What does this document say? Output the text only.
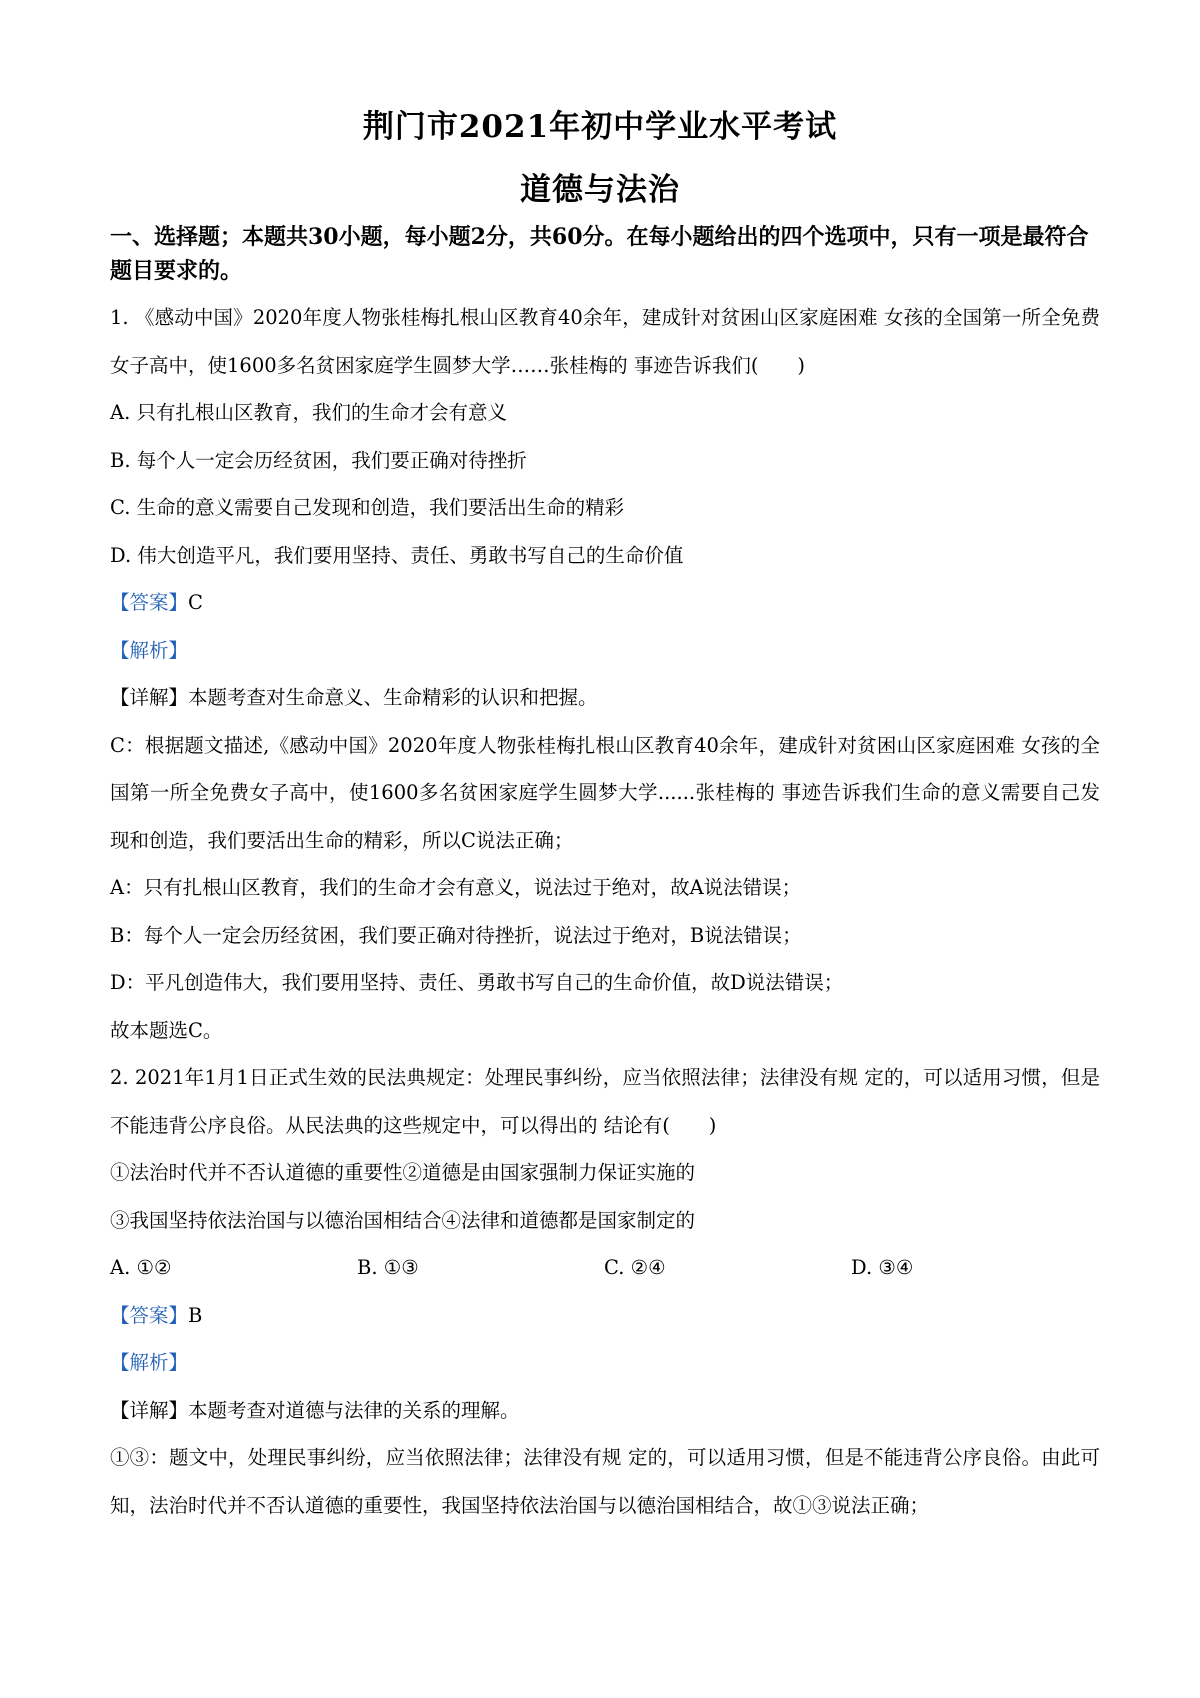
荆门市2021年初中学业水平考试
道德与法治
一、选择题；本题共30小题，每小题2分，共60分。在每小题给出的四个选项中，只有一项是最符合题目要求的。

1. 《感动中国》2020年度人物张桂梅扎根山区教育40余年，建成针对贫困山区家庭困难 女孩的全国第一所全免费女子高中，使1600多名贫困家庭学生圆梦大学……张桂梅的 事迹告诉我们(　　)

A. 只有扎根山区教育，我们的生命才会有意义

B. 每个人一定会历经贫困，我们要正确对待挫折

C. 生命的意义需要自己发现和创造，我们要活出生命的精彩

D. 伟大创造平凡，我们要用坚持、责任、勇敢书写自己的生命价值

【答案】C

【解析】

【详解】本题考查对生命意义、生命精彩的认识和把握。

C：根据题文描述,《感动中国》2020年度人物张桂梅扎根山区教育40余年，建成针对贫困山区家庭困难 女孩的全国第一所全免费女子高中，使1600多名贫困家庭学生圆梦大学......张桂梅的 事迹告诉我们生命的意义需要自己发现和创造，我们要活出生命的精彩，所以C说法正确；

A：只有扎根山区教育，我们的生命才会有意义，说法过于绝对，故A说法错误；

B：每个人一定会历经贫困，我们要正确对待挫折，说法过于绝对，B说法错误；

D：平凡创造伟大，我们要用坚持、责任、勇敢书写自己的生命价值，故D说法错误；

故本题选C。

2. 2021年1月1日正式生效的民法典规定：处理民事纠纷，应当依照法律；法律没有规 定的，可以适用习惯，但是不能违背公序良俗。从民法典的这些规定中，可以得出的 结论有(　　)

①法治时代并不否认道德的重要性②道德是由国家强制力保证实施的

③我国坚持依法治国与以德治国相结合④法律和道德都是国家制定的

A. ①②	B. ①③	C. ②④	D. ③④

【答案】B

【解析】

【详解】本题考查对道德与法律的关系的理解。

①③：题文中，处理民事纠纷，应当依照法律；法律没有规 定的，可以适用习惯，但是不能违背公序良俗。由此可知，法治时代并不否认道德的重要性，我国坚持依法治国与以德治国相结合，故①③说法正确；
